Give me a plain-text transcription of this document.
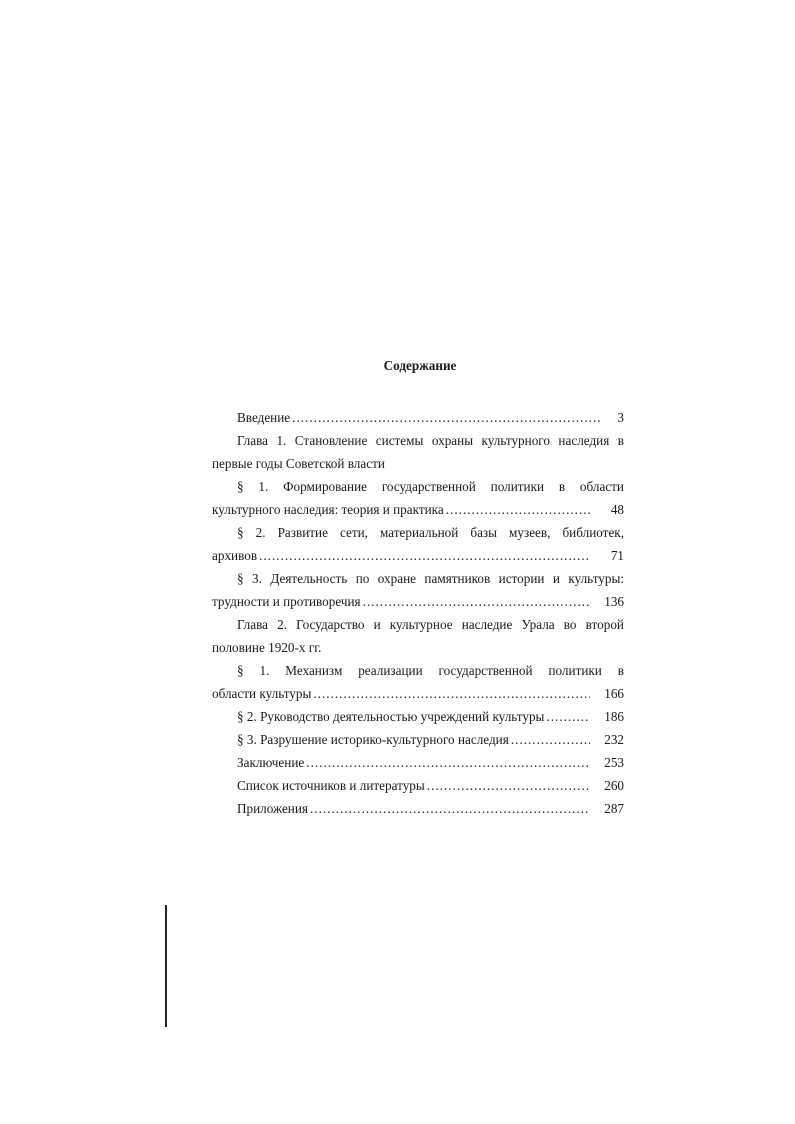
Содержание
Введение .....	3
Глава 1. Становление системы охраны культурного наследия в
первые годы Советской власти
§ 1. Формирование государственной политики в области
культурного наследия: теория и практика .....	48
§ 2. Развитие сети, материальной базы музеев, библиотек,
архивов .....	71
§ 3. Деятельность по охране памятников истории и культуры:
трудности и противоречия .....	136
Глава 2. Государство и культурное наследие Урала во второй
половине 1920-х гг.
§ 1. Механизм реализации государственной политики в
области культуры .....	166
§ 2. Руководство деятельностью учреждений культуры .....	186
§ 3. Разрушение историко-культурного наследия .....	232
Заключение .....	253
Список источников и литературы .....	260
Приложения .....	287
